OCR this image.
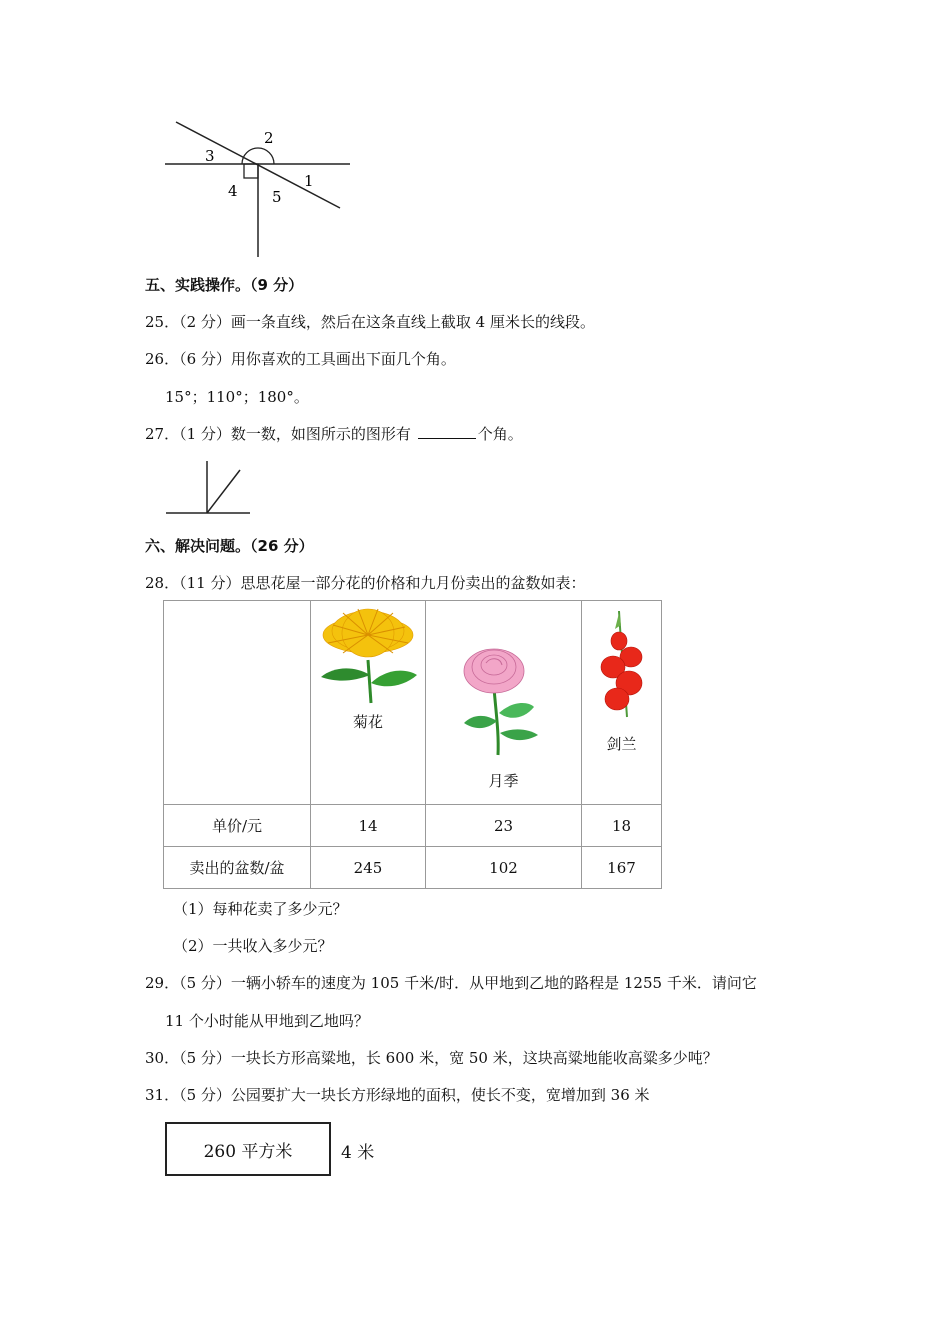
2
3
1
4 5
五、实践操作。（9 分）
25．（2 分）画一条直线，然后在这条直线上截取 4 厘米长的线段。
26．（6 分）用你喜欢的工具画出下面几个角。
15°；110°；180°。
27．（1 分）数一数，如图所示的图形有	个角。
六、解决问题。（26 分）
28．（11 分）思思花屋一部分花的价格和九月份卖出的盆数如表：

	菊花	月季	剑兰

单价/元	14	23	18
卖出的盆数/盆	245	102	167
（1）每种花卖了多少元？
（2）一共收入多少元？
29．（5 分）一辆小轿车的速度为 105 千米/时．从甲地到乙地的路程是 1255 千米．请问它
11 个小时能从甲地到乙地吗？
30．（5 分）一块长方形高粱地，长 600 米，宽 50 米，这块高粱地能收高粱多少吨？
31．（5 分）公园要扩大一块长方形绿地的面积，使长不变，宽增加到 36 米
260 平方米	4 米
